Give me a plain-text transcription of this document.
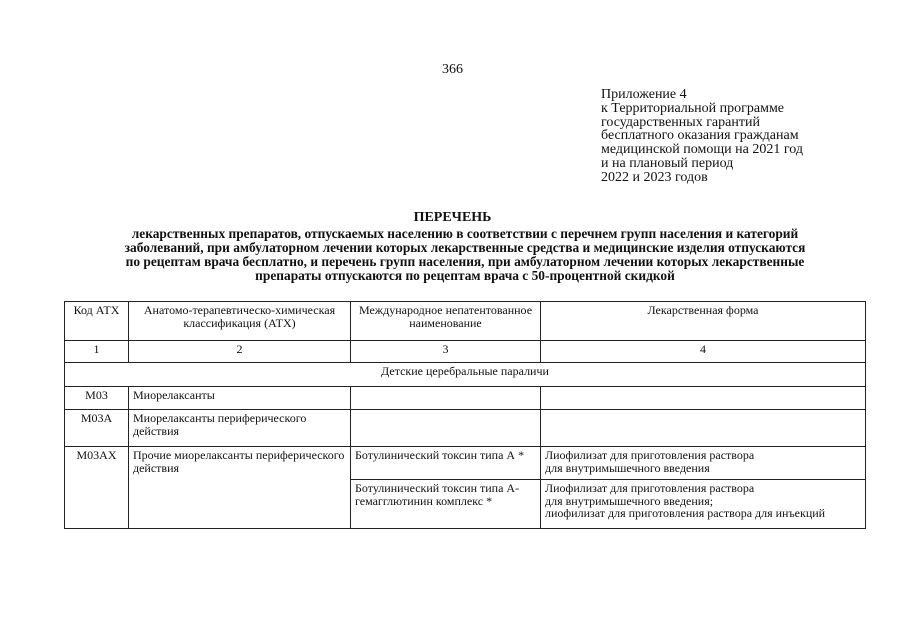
366
Приложение 4
к Территориальной программе
государственных гарантий
бесплатного оказания гражданам
медицинской помощи на 2021 год
и на плановый период
2022 и 2023 годов
ПЕРЕЧЕНЬ
лекарственных препаратов, отпускаемых населению в соответствии с перечнем групп населения и категорий
заболеваний, при амбулаторном лечении которых лекарственные средства и медицинские изделия отпускаются
по рецептам врача бесплатно, и перечень групп населения, при амбулаторном лечении которых лекарственные
препараты отпускаются по рецептам врача с 50-процентной скидкой
Код АТХ	Анатомо-терапевтическо-химическая классификация (АТХ)	Международное непатентованное наименование	Лекарственная форма
1	2	3	4
Детские церебральные параличи			
М03	Миорелаксанты		
М03А	Миорелаксанты периферического действия		
М03АХ	Прочие миорелаксанты периферического действия	Ботулинический токсин типа А *	Лиофилизат для приготовления раствора
для внутримышечного введения

		Ботулинический токсин типа А-гемагглютинин комплекс *	Лиофилизат для приготовления раствора
для внутримышечного введения;
лиофилизат для приготовления раствора для инъекций
